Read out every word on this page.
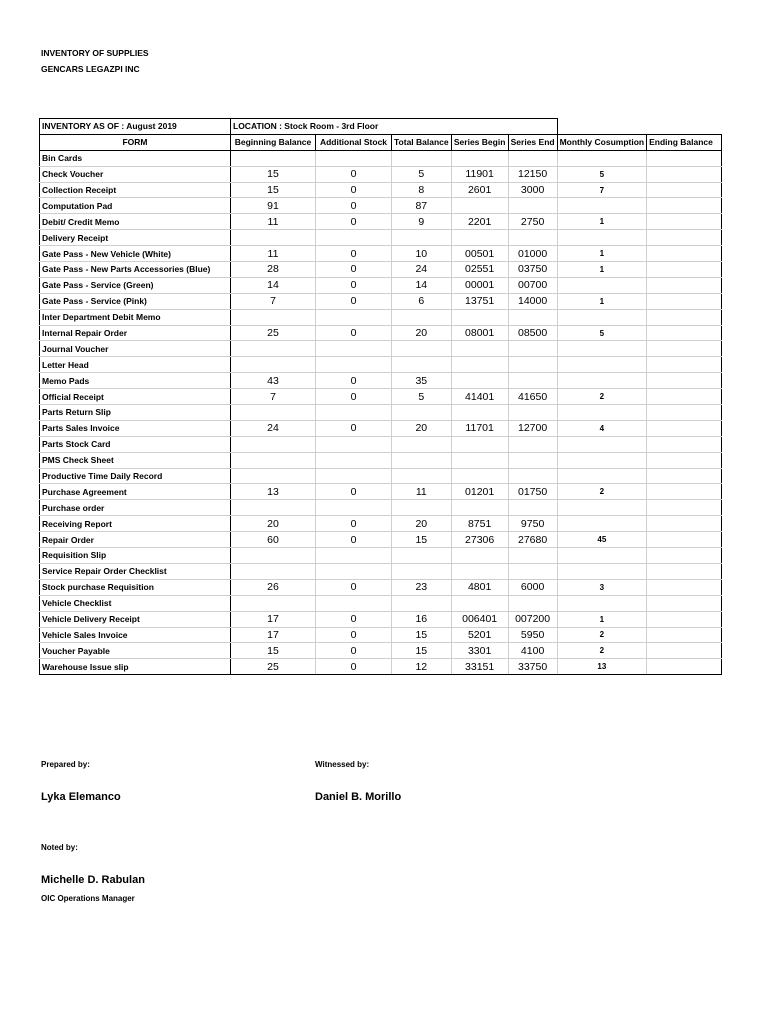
INVENTORY OF SUPPLIES
GENCARS LEGAZPI INC
INVENTORY AS OF : August 2019	LOCATION : Stock Room - 3rd Floor						
FORM	Beginning Balance	Additional Stock	Total Balance	Series Begin	Series End	Monthly Cosumption	Ending Balance
Bin Cards							
Check Voucher	15	0	5	11901	12150	5	
Collection Receipt	15	0	8	2601	3000	7	
Computation Pad	91	0	87				
Debit/ Credit Memo	11	0	9	2201	2750	1	
Delivery Receipt							
Gate Pass - New Vehicle (White)	11	0	10	00501	01000	1	
Gate Pass - New Parts Accessories (Blue)	28	0	24	02551	03750	1	
Gate Pass - Service (Green)	14	0	14	00001	00700		
Gate Pass - Service (Pink)	7	0	6	13751	14000	1	
Inter Department Debit Memo							
Internal Repair Order	25	0	20	08001	08500	5	
Journal Voucher							
Letter Head							
Memo Pads	43	0	35				
Official Receipt	7	0	5	41401	41650	2	
Parts Return Slip							
Parts Sales Invoice	24	0	20	11701	12700	4	
Parts Stock Card							
PMS Check Sheet							
Productive Time Daily Record							
Purchase Agreement	13	0	11	01201	01750	2	
Purchase order							
Receiving Report	20	0	20	8751	9750		
Repair Order	60	0	15	27306	27680	45	
Requisition Slip							
Service Repair Order Checklist							
Stock purchase Requisition	26	0	23	4801	6000	3	
Vehicle Checklist							
Vehicle Delivery Receipt	17	0	16	006401	007200	1	
Vehicle Sales Invoice	17	0	15	5201	5950	2	
Voucher Payable	15	0	15	3301	4100	2	
Warehouse Issue slip	25	0	12	33151	33750	13	
Prepared by:
Lyka Elemanco
Witnessed by:
Daniel B. Morillo
Noted by:
Michelle D. Rabulan
OIC Operations Manager
